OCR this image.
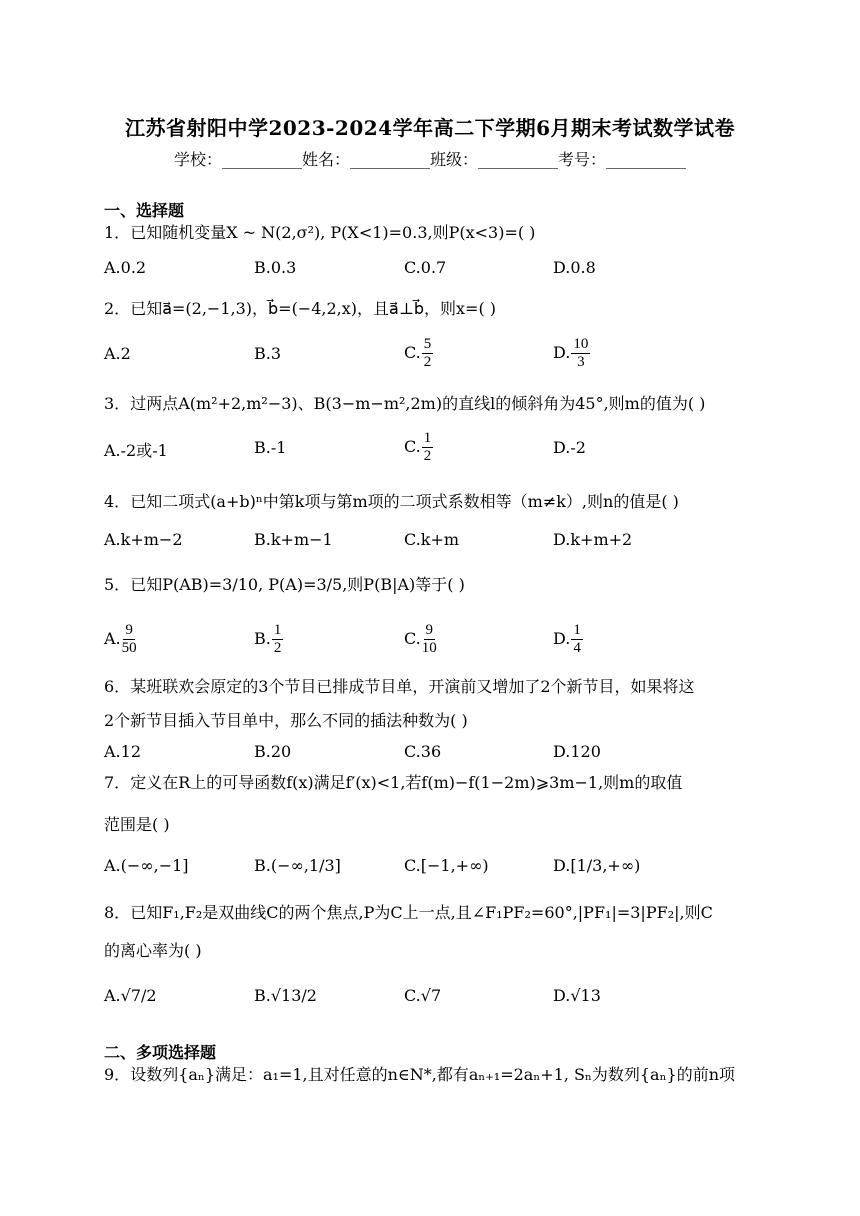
江苏省射阳中学2023-2024学年高二下学期6月期末考试数学试卷
学校：__________姓名：__________班级：__________考号：__________
一、选择题
1．已知随机变量X ~ N(2,σ²), P(X<1)=0.3,则P(x<3)=( )
A.0.2	B.0.3	C.0.7	D.0.8
2．已知a⃗=(2,−1,3)，b⃗=(−4,2,x)，且a⃗⊥b⃗，则x=( )
A.2	B.3	C. $\frac{5}{2}$	D. $\frac{10}{3}$
3．过两点A(m²+2,m²−3)、B(3−m−m²,2m)的直线l的倾斜角为45°,则m的值为( )
A.-2或-1	B.-1	C. $\frac{1}{2}$	D.-2
4．已知二项式(a+b)ⁿ中第k项与第m项的二项式系数相等（m≠k）,则n的值是( )
A.k+m−2	B.k+m−1	C.k+m	D.k+m+2
5．已知P(AB)=3/10, P(A)=3/5,则P(B|A)等于( )
A. $\frac{9}{50}$	B. $\frac{1}{2}$	C. $\frac{9}{10}$	D. $\frac{1}{4}$
6．某班联欢会原定的3个节目已排成节目单，开演前又增加了2个新节目，如果将这
2个新节目插入节目单中，那么不同的插法种数为( )
A.12	B.20	C.36	D.120
7．定义在R上的可导函数f(x)满足f′(x)<1,若f(m)−f(1−2m)⩾3m−1,则m的取值
范围是( )
A.(−∞,−1]	B.(−∞,1/3]	C.[−1,+∞)	D.[1/3,+∞)
8．已知F₁,F₂是双曲线C的两个焦点,P为C上一点,且∠F₁PF₂=60°,|PF₁|=3|PF₂|,则C
的离心率为( )
A.√7/2	B.√13/2	C.√7	D.√13
二、多项选择题
9．设数列{aₙ}满足：a₁=1,且对任意的n∈N*,都有aₙ₊₁=2aₙ+1, Sₙ为数列{aₙ}的前n项
